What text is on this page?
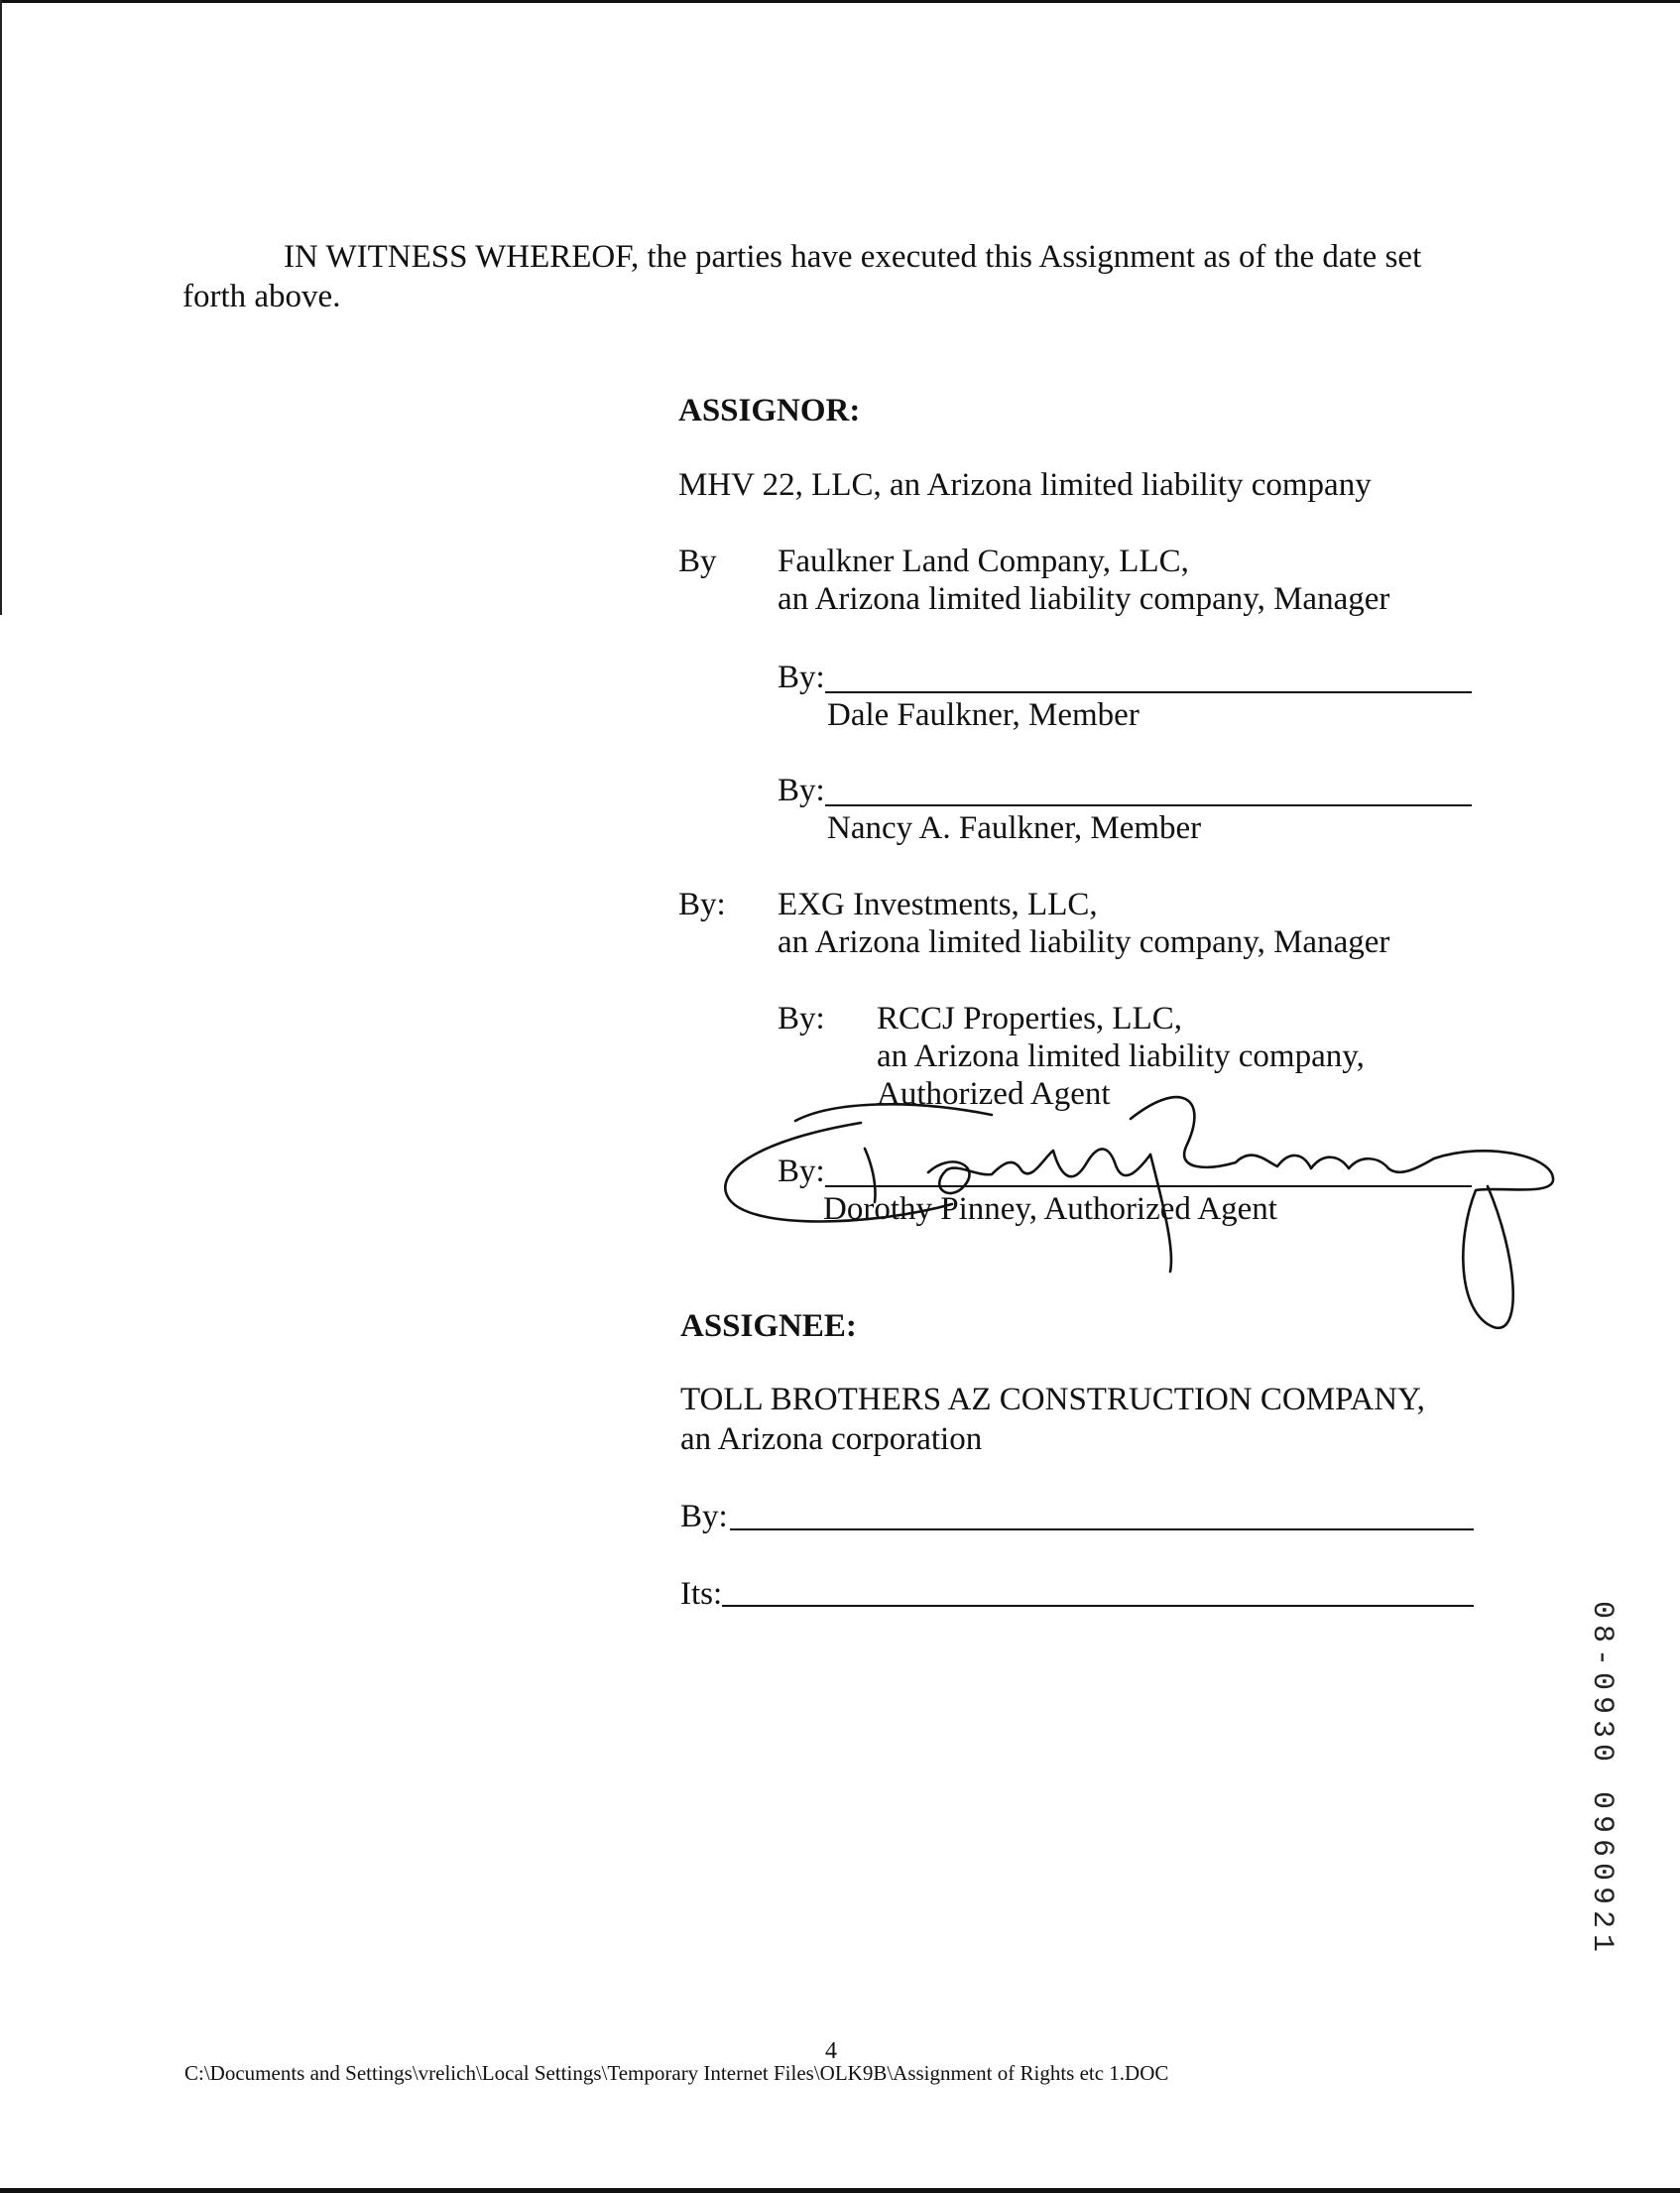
IN WITNESS WHEREOF, the parties have executed this Assignment as of the date set
forth above.
ASSIGNOR:
MHV 22, LLC, an Arizona limited liability company
By Faulkner Land Company, LLC,
an Arizona limited liability company, Manager
By:
Dale Faulkner, Member
By:
Nancy A. Faulkner, Member
By: EXG Investments, LLC,
an Arizona limited liability company, Manager
By: RCCJ Properties, LLC,
an Arizona limited liability company,
Authorized Agent
By:
Dorothy Pinney, Authorized Agent
ASSIGNEE:
TOLL BROTHERS AZ CONSTRUCTION COMPANY,
an Arizona corporation
By:
Its:
08-0930 0960921
4
C:\Documents and Settings\vrelich\Local Settings\Temporary Internet Files\OLK9B\Assignment of Rights etc 1.DOC
